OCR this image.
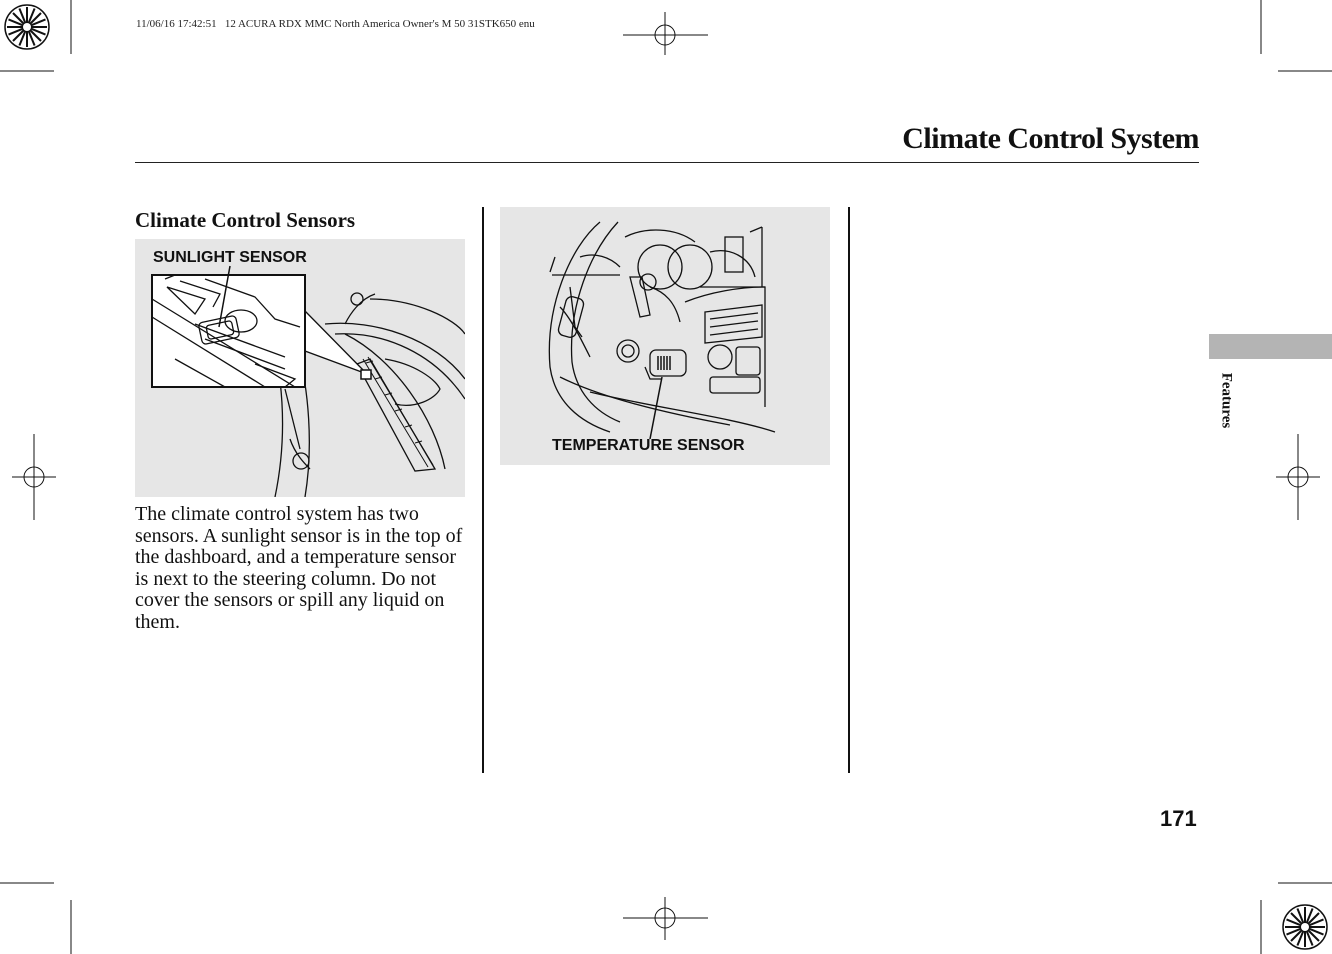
11/06/16 17:42:51   12 ACURA RDX MMC North America Owner's M 50 31STK650 enu
Climate Control System
Climate Control Sensors
SUNLIGHT SENSOR
The climate control system has two sensors. A sunlight sensor is in the top of the dashboard, and a temperature sensor is next to the steering column. Do not cover the sensors or spill any liquid on them.
TEMPERATURE SENSOR
Features
171
